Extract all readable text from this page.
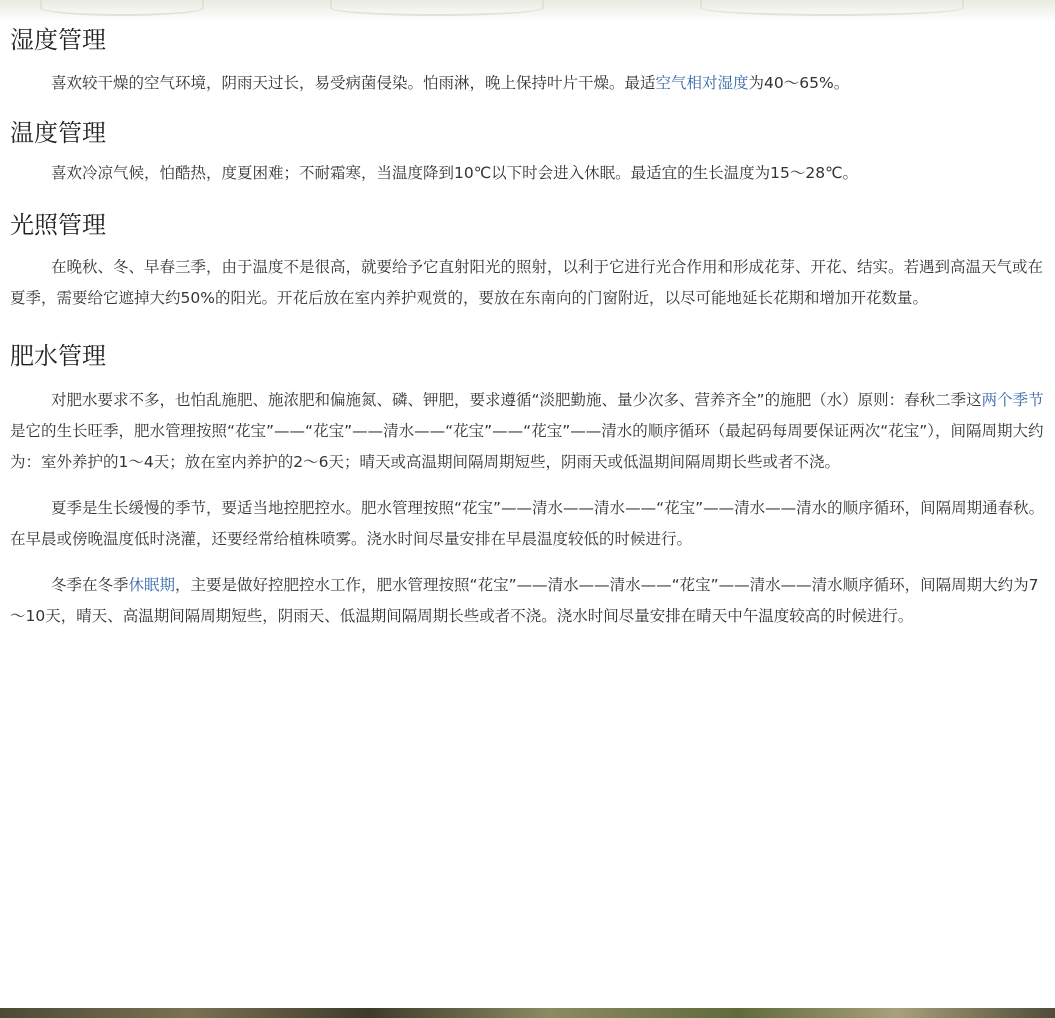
湿度管理

喜欢较干燥的空气环境，阴雨天过长，易受病菌侵染。怕雨淋，晚上保持叶片干燥。最适空气相对湿度为40～65%。

温度管理

喜欢冷凉气候，怕酷热，度夏困难；不耐霜寒，当温度降到10℃以下时会进入休眠。最适宜的生长温度为15～28℃。

光照管理

在晚秋、冬、早春三季，由于温度不是很高，就要给予它直射阳光的照射，以利于它进行光合作用和形成花芽、开花、结实。若遇到高温天气或在夏季，需要给它遮掉大约50%的阳光。开花后放在室内养护观赏的，要放在东南向的门窗附近，以尽可能地延长花期和增加开花数量。

肥水管理

对肥水要求不多，也怕乱施肥、施浓肥和偏施氮、磷、钾肥，要求遵循“淡肥勤施、量少次多、营养齐全”的施肥（水）原则：春秋二季这两个季节是它的生长旺季，肥水管理按照“花宝”——“花宝”——清水——“花宝”——“花宝”——清水的顺序循环（最起码每周要保证两次“花宝”），间隔周期大约为：室外养护的1～4天；放在室内养护的2～6天；晴天或高温期间隔周期短些，阴雨天或低温期间隔周期长些或者不浇。

夏季是生长缓慢的季节，要适当地控肥控水。肥水管理按照“花宝”——清水——清水——“花宝”——清水——清水的顺序循环，间隔周期通春秋。在早晨或傍晚温度低时浇灌，还要经常给植株喷雾。浇水时间尽量安排在早晨温度较低的时候进行。

冬季在冬季休眠期，主要是做好控肥控水工作，肥水管理按照“花宝”——清水——清水——“花宝”——清水——清水顺序循环，间隔周期大约为7～10天，晴天、高温期间隔周期短些，阴雨天、低温期间隔周期长些或者不浇。浇水时间尽量安排在晴天中午温度较高的时候进行。
